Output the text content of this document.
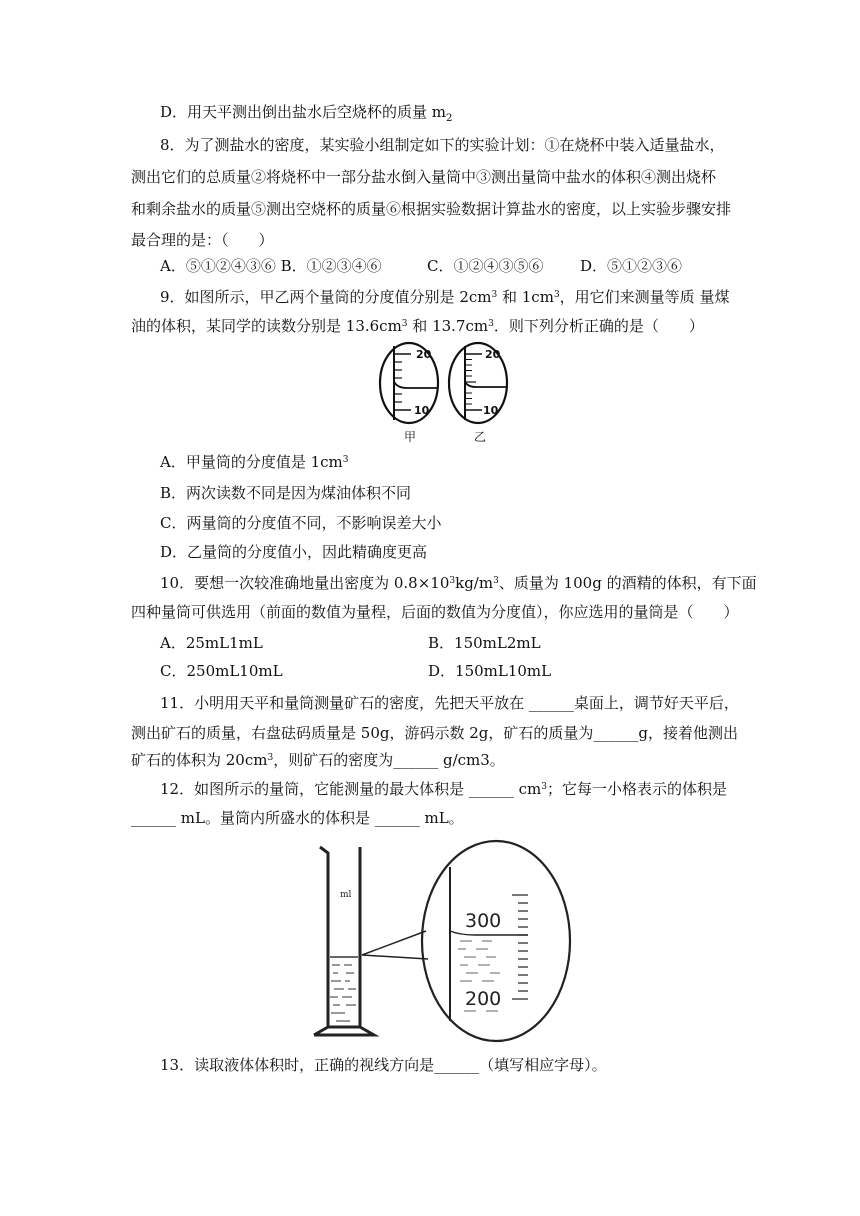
D．用天平测出倒出盐水后空烧杯的质量 $m_2$
8．为了测盐水的密度，某实验小组制定如下的实验计划：①在烧杯中装入适量盐水，
测出它们的总质量②将烧杯中一部分盐水倒入量筒中③测出量筒中盐水的体积④测出烧杯
和剩余盐水的质量⑤测出空烧杯的质量⑥根据实验数据计算盐水的密度，以上实验步骤安排
最合理的是：（　　）
A．⑤①②④③⑥ B．①②③④⑥	C．①②④③⑤⑥ D．⑤①②③⑥
9．如图所示，甲乙两个量筒的分度值分别是 $2cm^3$ 和 $1cm^3$，用它们来测量等质 量煤
油的体积，某同学的读数分别是 $13.6cm^3$ 和 $13.7cm^3$．则下列分析正确的是（　　）
20
10
甲
20
10
乙
A．甲量筒的分度值是 $1cm^3$
B．两次读数不同是因为煤油体积不同
C．两量筒的分度值不同，不影响误差大小
D．乙量筒的分度值小，因此精确度更高
10．要想一次较准确地量出密度为 $0.8\times 10^3kg/m^3$、质量为 100g 的酒精的体积，有下面
四种量筒可供选用（前面的数值为量程，后面的数值为分度值），你应选用的量筒是（　　）
A．25mL1mL	B．150mL2mL
C．250mL10mL	D．150mL10mL
11．小明用天平和量筒测量矿石的密度，先把天平放在 ______桌面上，调节好天平后，
测出矿石的质量，右盘砝码质量是 50g，游码示数 2g，矿石的质量为______g，接着他测出
矿石的体积为 $20cm^3$，则矿石的密度为______ g/cm3。
12．如图所示的量筒，它能测量的最大体积是 ______ $cm^3$；它每一小格表示的体积是
______ mL。量筒内所盛水的体积是 ______ mL。
ml
300
200
13．读取液体体积时，正确的视线方向是______（填写相应字母）。
